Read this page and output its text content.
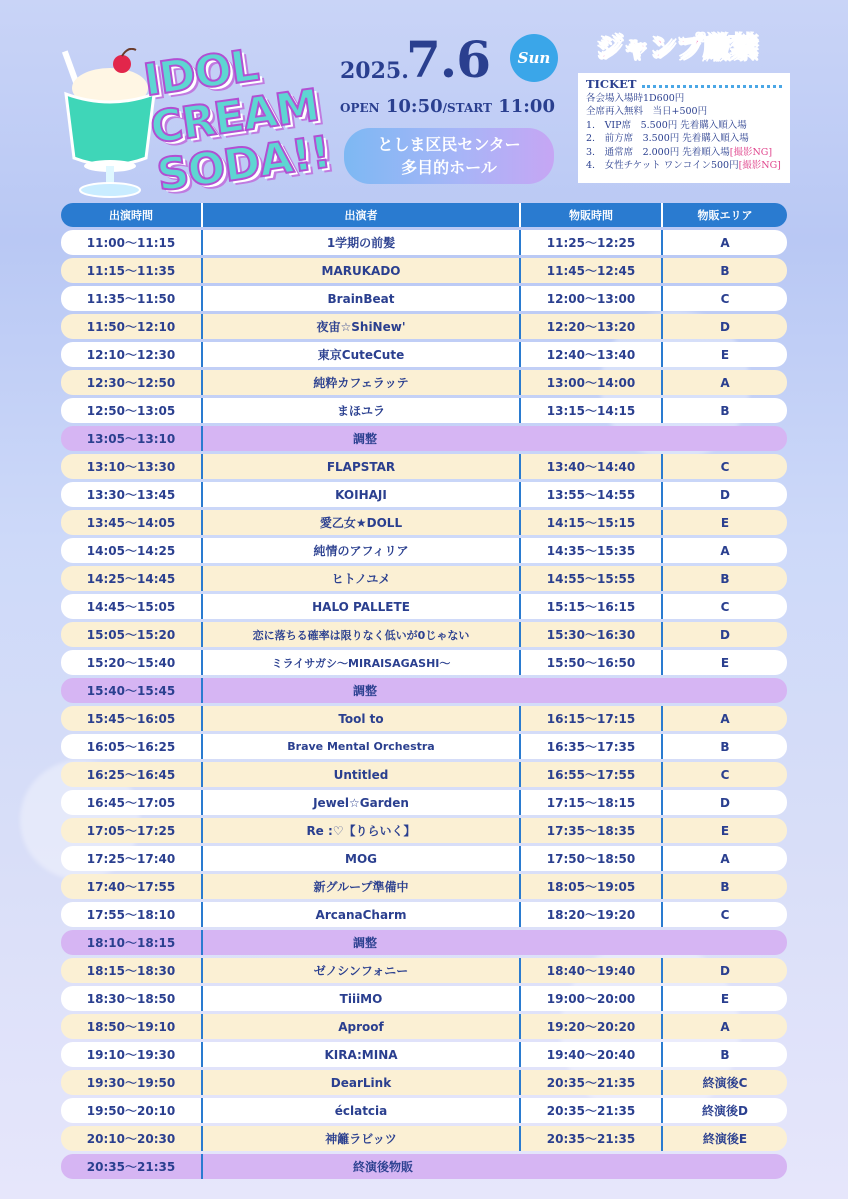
IDOL CREAM SODA!!
2025.
7.6	Sun
OPEN 10:50/START 11:00
としま区民センター
多目的ホール
ジャンプ厳禁
TICKET
各会場入場時1D600円
全席再入無料　当日+500円
1.　VIP席　5.500円 先着購入順入場
2.　前方席　3.500円 先着購入順入場
3.　通常席　2.000円 先着順入場[撮影NG]
4.　女性チケット ワンコイン500円[撮影NG]
出演時間	出演者	物販時間	物販エリア
11:00〜11:15	1学期の前髪	11:25〜12:25	A
11:15〜11:35	MARUKADO	11:45〜12:45	B
11:35〜11:50	BrainBeat	12:00〜13:00	C
11:50〜12:10	夜宙☆ShiNew'	12:20〜13:20	D
12:10〜12:30	東京CuteCute	12:40〜13:40	E
12:30〜12:50	純粋カフェラッテ	13:00〜14:00	A
12:50〜13:05	まほユラ	13:15〜14:15	B
13:05〜13:10	調整
13:10〜13:30	FLAPSTAR	13:40〜14:40	C
13:30〜13:45	KOIHAJI	13:55〜14:55	D
13:45〜14:05	愛乙女★DOLL	14:15〜15:15	E
14:05〜14:25	純情のアフィリア	14:35〜15:35	A
14:25〜14:45	ヒトノユメ	14:55〜15:55	B
14:45〜15:05	HALO PALLETE	15:15〜16:15	C
15:05〜15:20	恋に落ちる確率は限りなく低いが0じゃない	15:30〜16:30	D
15:20〜15:40	ミライサガシ〜MIRAISAGASHI〜	15:50〜16:50	E
15:40〜15:45	調整
15:45〜16:05	Tool to	16:15〜17:15	A
16:05〜16:25	Brave Mental Orchestra	16:35〜17:35	B
16:25〜16:45	Untitled	16:55〜17:55	C
16:45〜17:05	Jewel☆Garden	17:15〜18:15	D
17:05〜17:25	Re :♡【りらいく】	17:35〜18:35	E
17:25〜17:40	MOG	17:50〜18:50	A
17:40〜17:55	新グループ準備中	18:05〜19:05	B
17:55〜18:10	ArcanaCharm	18:20〜19:20	C
18:10〜18:15	調整
18:15〜18:30	ゼノシンフォニー	18:40〜19:40	D
18:30〜18:50	TiiiMO	19:00〜20:00	E
18:50〜19:10	Aproof	19:20〜20:20	A
19:10〜19:30	KIRA:MINA	19:40〜20:40	B
19:30〜19:50	DearLink	20:35〜21:35	終演後C
19:50〜20:10	éclatcia	20:35〜21:35	終演後D
20:10〜20:30	神籬ラビッツ	20:35〜21:35	終演後E
20:35〜21:35	終演後物販
